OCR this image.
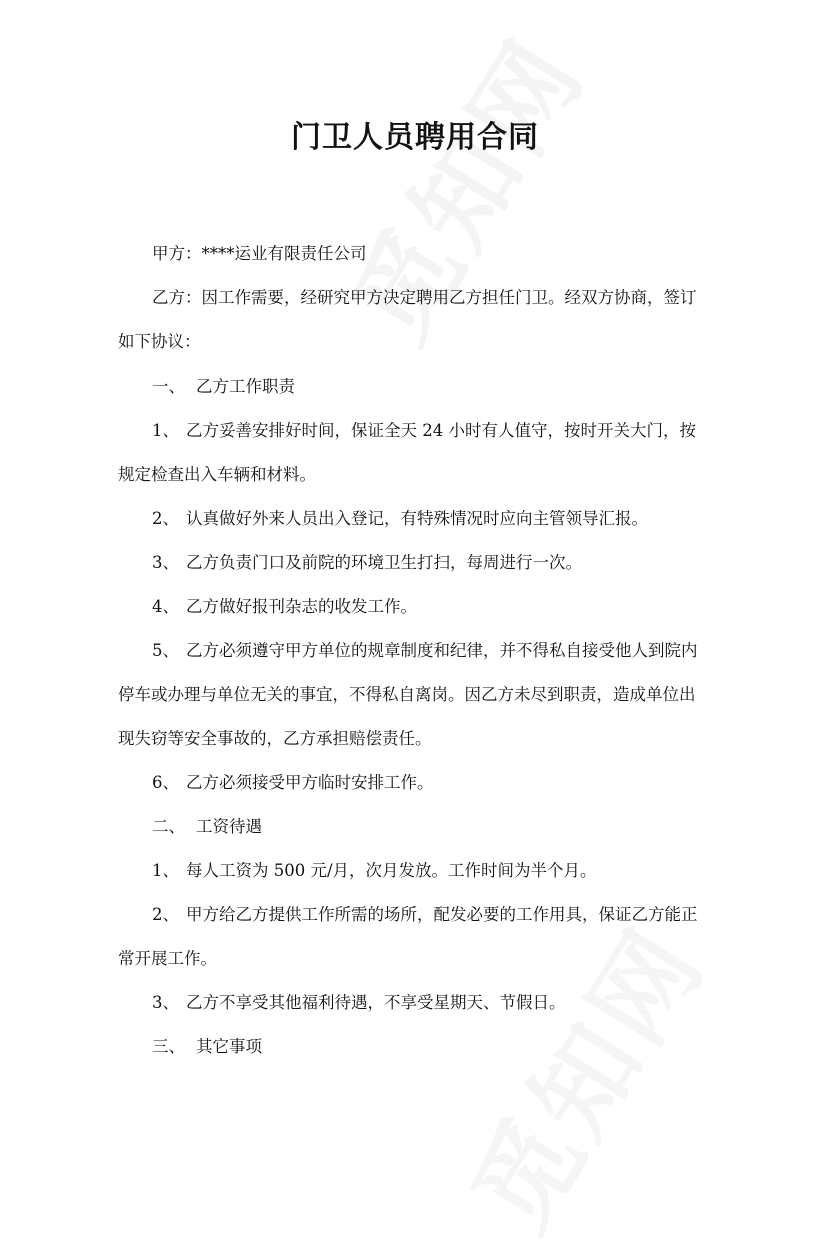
门卫人员聘用合同

甲方：****运业有限责任公司

乙方：因工作需要，经研究甲方决定聘用乙方担任门卫。经双方协商，签订

如下协议：

一、 乙方工作职责

1、 乙方妥善安排好时间，保证全天 24 小时有人值守，按时开关大门，按

规定检查出入车辆和材料。

2、 认真做好外来人员出入登记，有特殊情况时应向主管领导汇报。

3、 乙方负责门口及前院的环境卫生打扫，每周进行一次。

4、 乙方做好报刊杂志的收发工作。

5、 乙方必须遵守甲方单位的规章制度和纪律，并不得私自接受他人到院内

停车或办理与单位无关的事宜，不得私自离岗。因乙方未尽到职责，造成单位出

现失窃等安全事故的，乙方承担赔偿责任。

6、 乙方必须接受甲方临时安排工作。

二、 工资待遇

1、 每人工资为 500 元/月，次月发放。工作时间为半个月。

2、 甲方给乙方提供工作所需的场所，配发必要的工作用具，保证乙方能正

常开展工作。

3、 乙方不享受其他福利待遇，不享受星期天、节假日。

三、 其它事项
